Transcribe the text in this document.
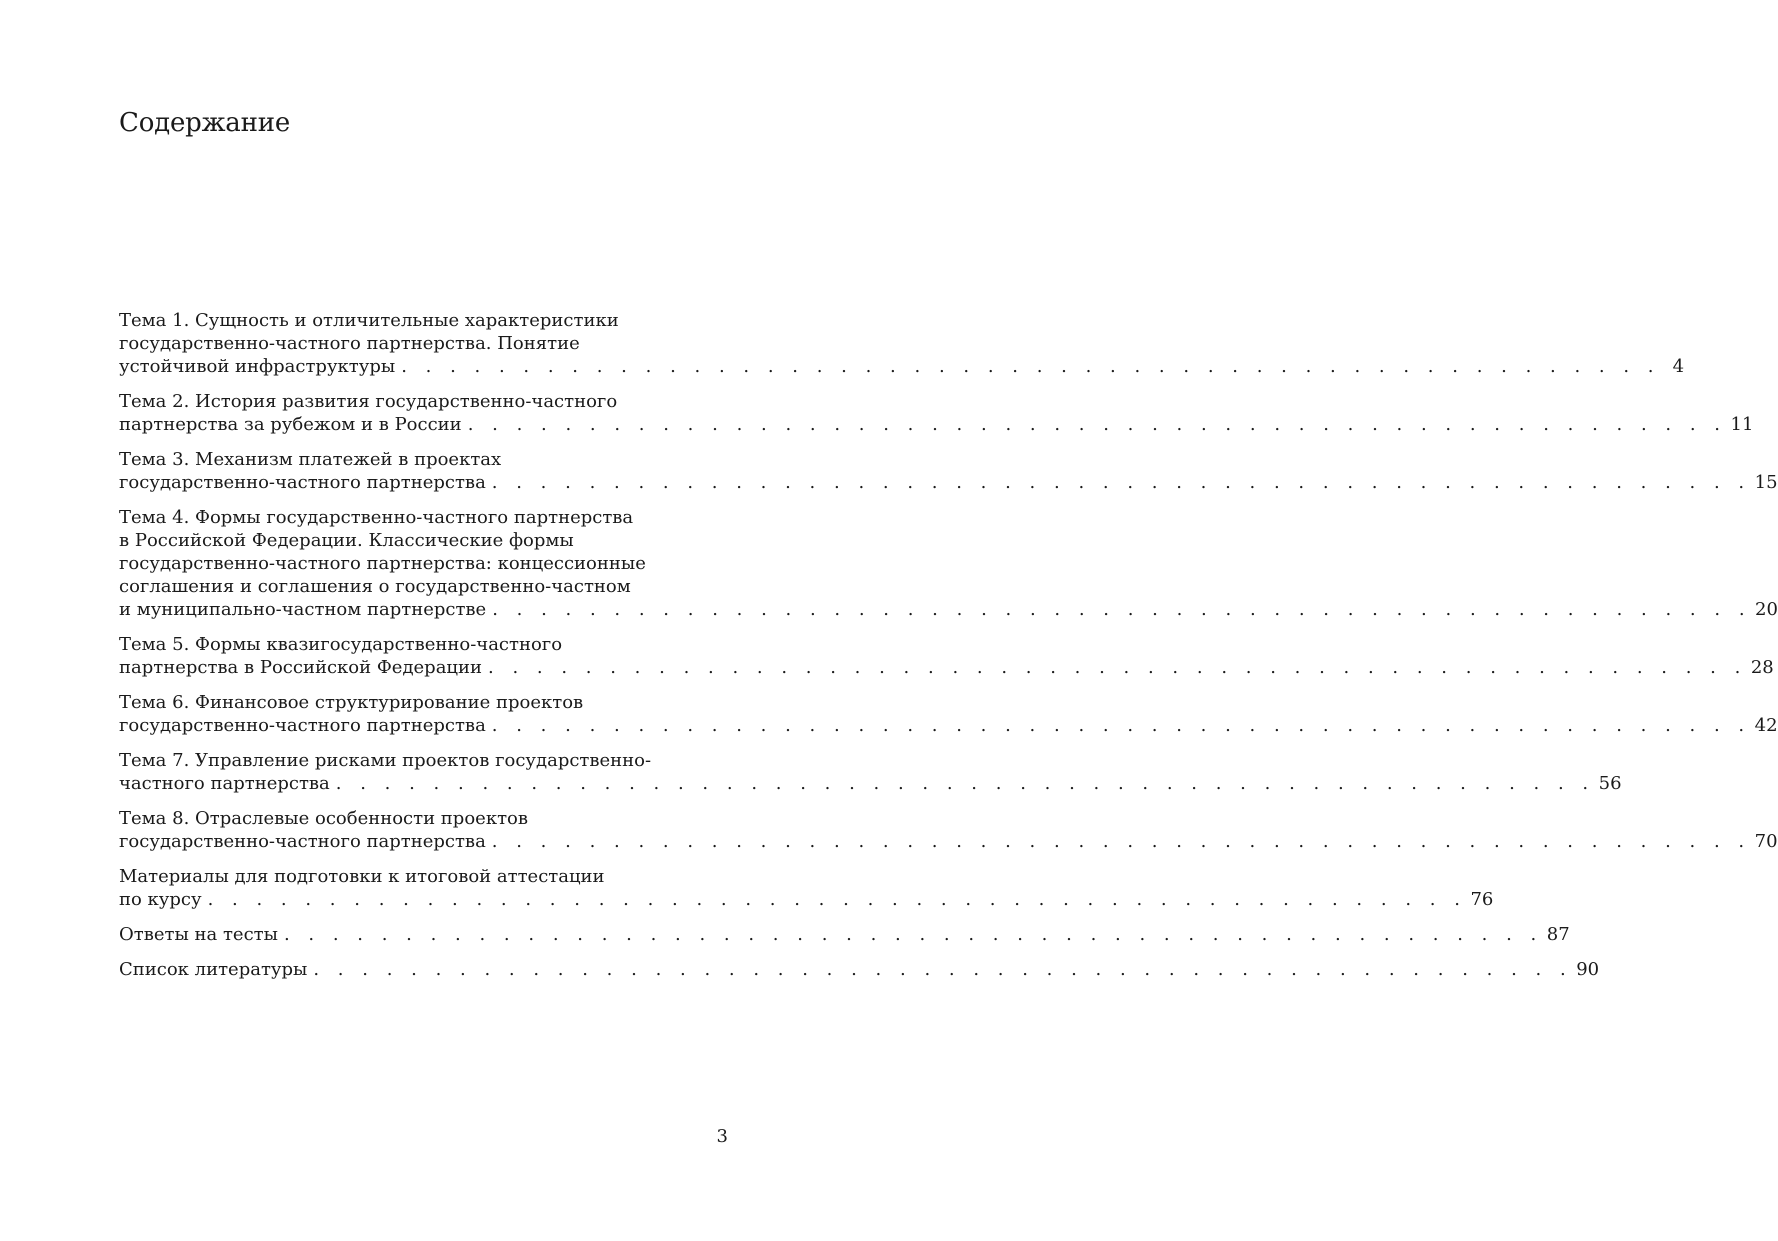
Содержание
Тема 1. Сущность и отличительные характеристики
государственно-частного партнерства. Понятие
устойчивой инфраструктуры . . . . . . . . . . . . . . . . . . . . . . . . . . . . . . . . . . . . . . . . . . . . . . . . . . . . 4
Тема 2. История развития государственно-частного
партнерства за рубежом и в России . . . . . . . . . . . . . . . . . . . . . . . . . . . . . . . . . . . . . . . . . . . . . . . . . . . . 11
Тема 3. Механизм платежей в проектах
государственно-частного партнерства . . . . . . . . . . . . . . . . . . . . . . . . . . . . . . . . . . . . . . . . . . . . . . . . . . . . 15
Тема 4. Формы государственно-частного партнерства
в Российской Федерации. Классические формы
государственно-частного партнерства: концессионные
соглашения и соглашения о государственно-частном
и муниципально-частном партнерстве . . . . . . . . . . . . . . . . . . . . . . . . . . . . . . . . . . . . . . . . . . . . . . . . . . . . 20
Тема 5. Формы квазигосударственно-частного
партнерства в Российской Федерации . . . . . . . . . . . . . . . . . . . . . . . . . . . . . . . . . . . . . . . . . . . . . . . . . . . . 28
Тема 6. Финансовое структурирование проектов
государственно-частного партнерства . . . . . . . . . . . . . . . . . . . . . . . . . . . . . . . . . . . . . . . . . . . . . . . . . . . . 42
Тема 7. Управление рисками проектов государственно-
частного партнерства . . . . . . . . . . . . . . . . . . . . . . . . . . . . . . . . . . . . . . . . . . . . . . . . . . . . 56
Тема 8. Отраслевые особенности проектов
государственно-частного партнерства . . . . . . . . . . . . . . . . . . . . . . . . . . . . . . . . . . . . . . . . . . . . . . . . . . . . 70
Материалы для подготовки к итоговой аттестации
по курсу . . . . . . . . . . . . . . . . . . . . . . . . . . . . . . . . . . . . . . . . . . . . . . . . . . . . 76
Ответы на тесты . . . . . . . . . . . . . . . . . . . . . . . . . . . . . . . . . . . . . . . . . . . . . . . . . . . . 87
Список литературы . . . . . . . . . . . . . . . . . . . . . . . . . . . . . . . . . . . . . . . . . . . . . . . . . . . . 90
3
